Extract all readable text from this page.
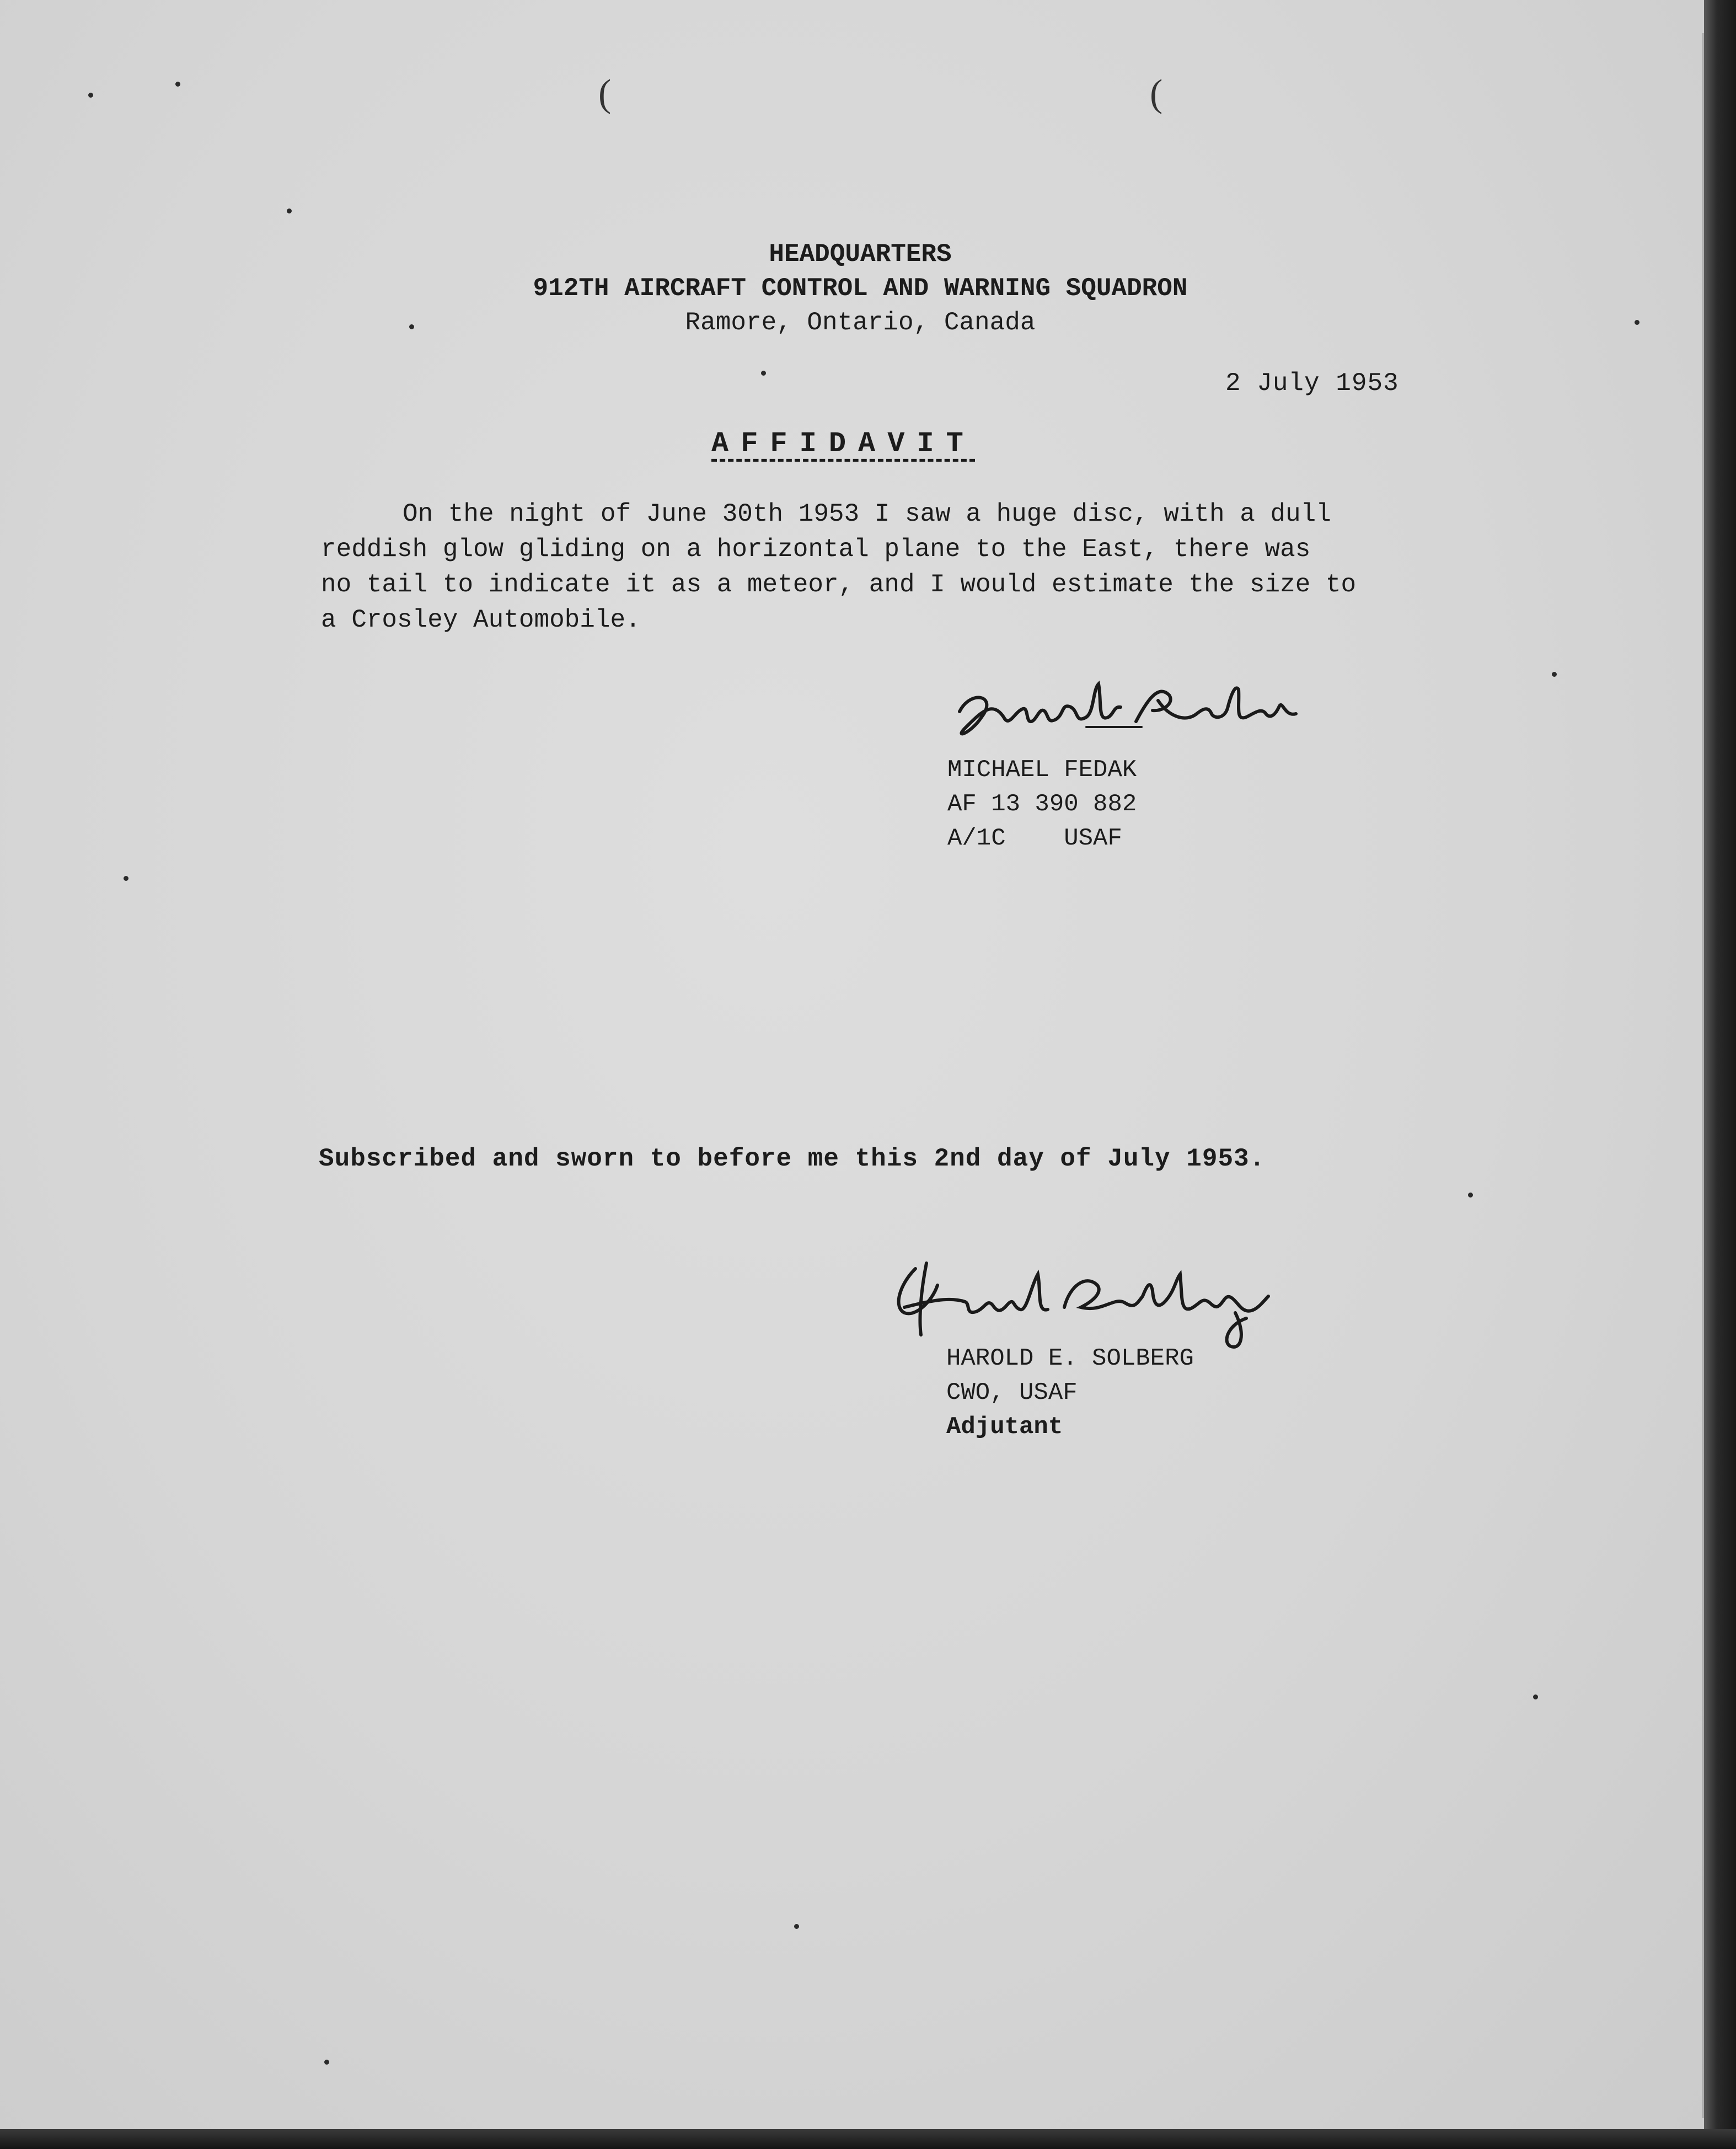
(	(
HEADQUARTERS
912TH AIRCRAFT CONTROL AND WARNING SQUADRON
Ramore, Ontario, Canada
2 July 1953
AFFIDAVIT
On the night of June 30th 1953 I saw a huge disc, with a dull
reddish glow gliding on a horizontal plane to the East, there was
no tail to indicate it as a meteor, and I would estimate the size to
a Crosley Automobile.
MICHAEL FEDAK
AF 13 390 882
A/1C USAF
Subscribed and sworn to before me this 2nd day of July 1953.
HAROLD E. SOLBERG
CWO, USAF
Adjutant
